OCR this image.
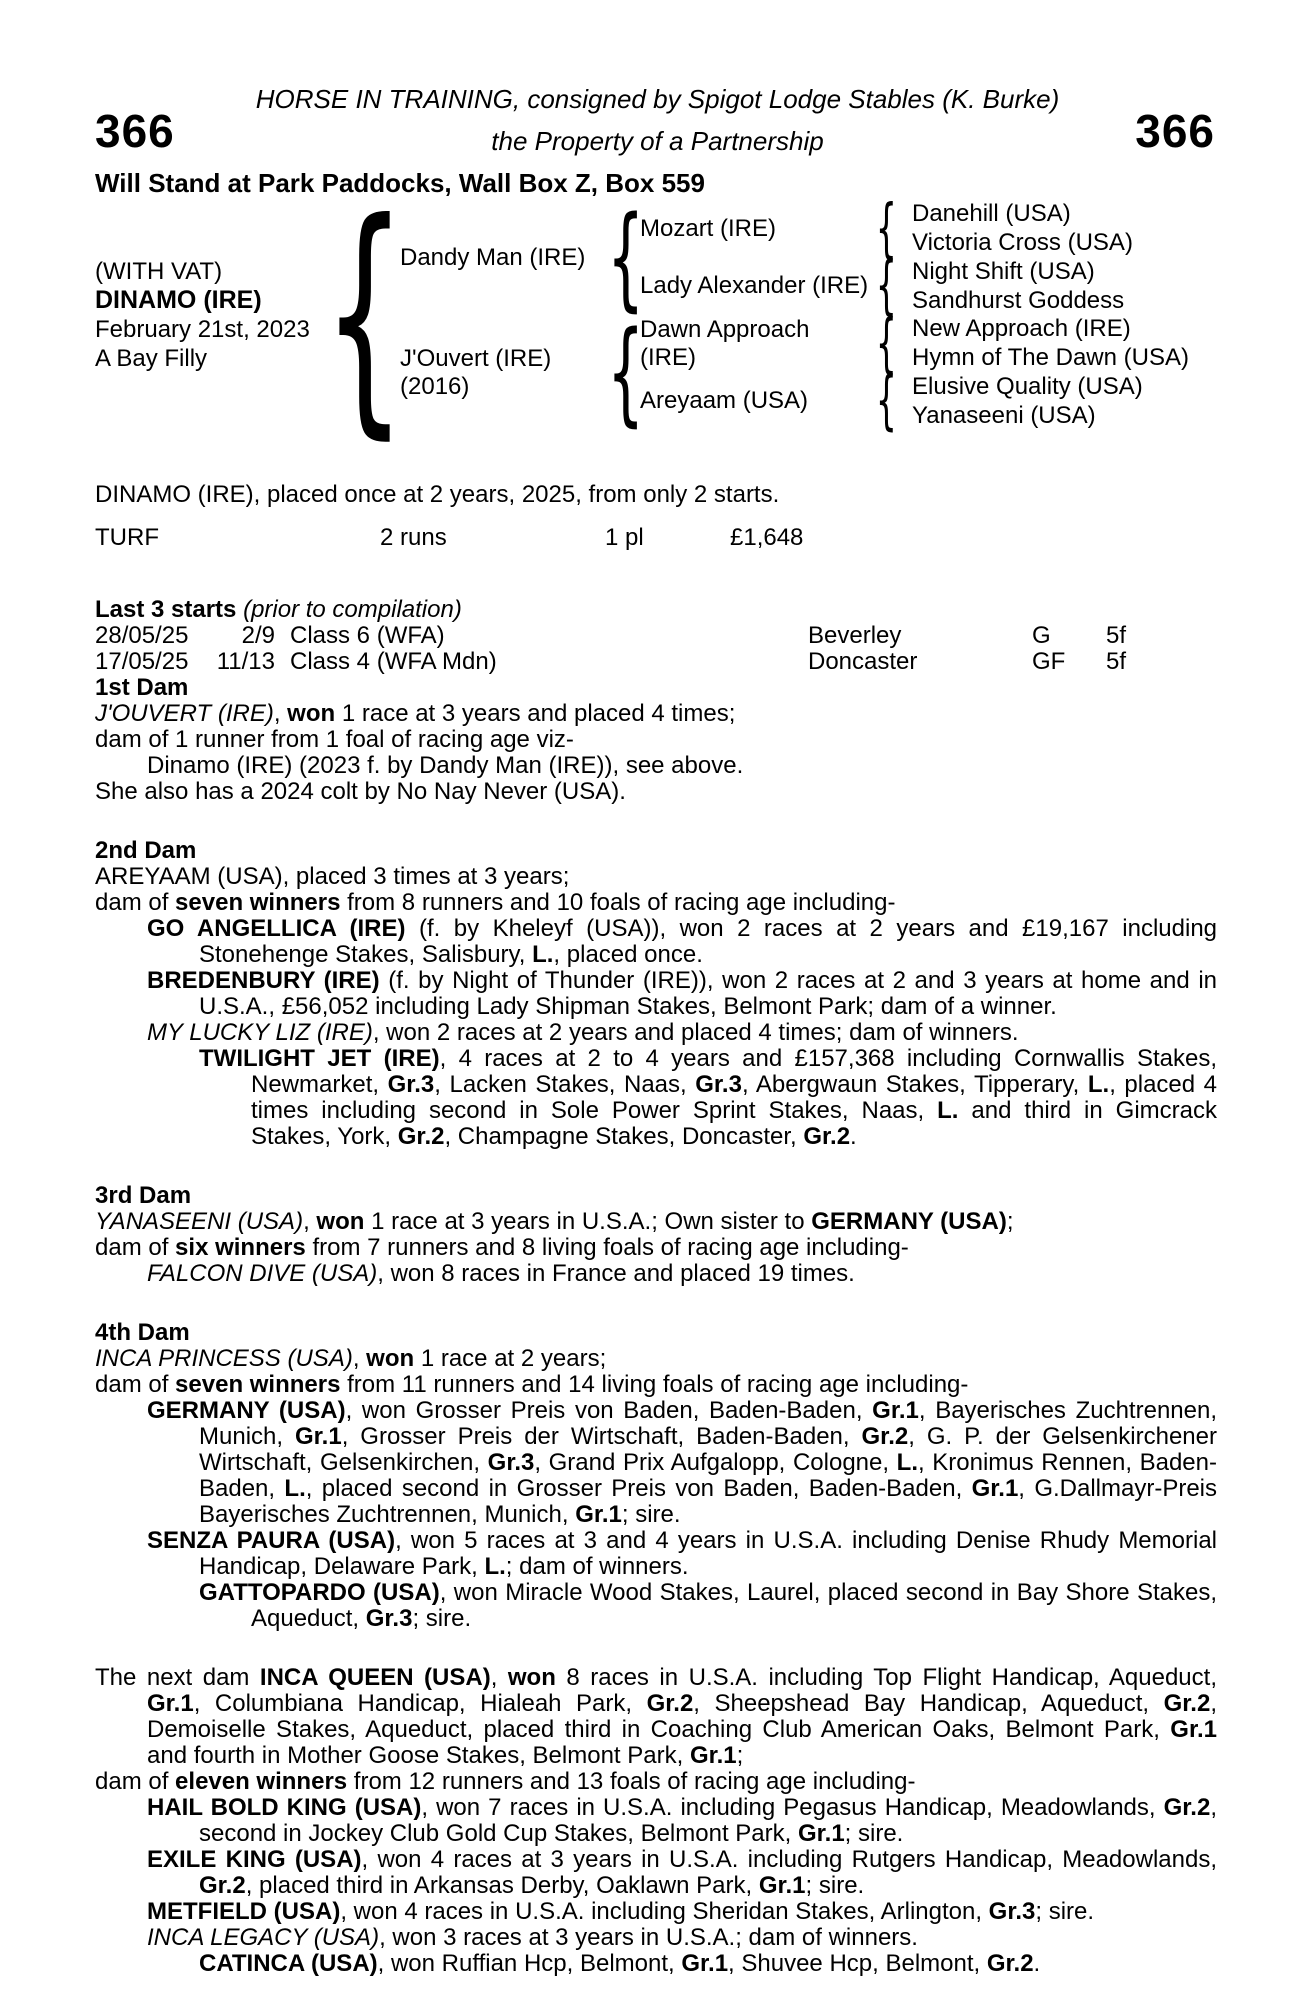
HORSE IN TRAINING, consigned by Spigot Lodge Stables (K. Burke)
366	366
the Property of a Partnership
Will Stand at Park Paddocks, Wall Box Z, Box 559
(WITH VAT)
DINAMO (IRE)
February 21st, 2023
A Bay Filly {
Dandy Man (IRE)
J'Ouvert (IRE)
(2016)
{
{
Mozart (IRE)
Lady Alexander (IRE)
Dawn Approach (IRE)
Areyaam (USA)
{
{
{
{
Danehill (USA)
Victoria Cross (USA)
Night Shift (USA)
Sandhurst Goddess
New Approach (IRE)
Hymn of The Dawn (USA)
Elusive Quality (USA)
Yanaseeni (USA)

DINAMO (IRE), placed once at 2 years, 2025, from only 2 starts.

TURF	2 runs	1 pl	£1,648
Last 3 starts (prior to compilation)
28/05/25 2/9 Class 6 (WFA)	Beverley	G	5f
17/05/25 11/13 Class 4 (WFA Mdn)	Doncaster	GF	5f
1st Dam

J'OUVERT (IRE), won 1 race at 3 years and placed 4 times;

dam of 1 runner from 1 foal of racing age viz-

Dinamo (IRE) (2023 f. by Dandy Man (IRE)), see above.

She also has a 2024 colt by No Nay Never (USA).

2nd Dam

AREYAAM (USA), placed 3 times at 3 years;

dam of seven winners from 8 runners and 10 foals of racing age including-

GO ANGELLICA (IRE) (f. by Kheleyf (USA)), won 2 races at 2 years and £19,167 including Stonehenge Stakes, Salisbury, L., placed once.

BREDENBURY (IRE) (f. by Night of Thunder (IRE)), won 2 races at 2 and 3 years at home and in U.S.A., £56,052 including Lady Shipman Stakes, Belmont Park; dam of a winner.

MY LUCKY LIZ (IRE), won 2 races at 2 years and placed 4 times; dam of winners.

TWILIGHT JET (IRE), 4 races at 2 to 4 years and £157,368 including Cornwallis Stakes, Newmarket, Gr.3, Lacken Stakes, Naas, Gr.3, Abergwaun Stakes, Tipperary, L., placed 4 times including second in Sole Power Sprint Stakes, Naas, L. and third in Gimcrack Stakes, York, Gr.2, Champagne Stakes, Doncaster, Gr.2.

3rd Dam

YANASEENI (USA), won 1 race at 3 years in U.S.A.; Own sister to GERMANY (USA);

dam of six winners from 7 runners and 8 living foals of racing age including-

FALCON DIVE (USA), won 8 races in France and placed 19 times.

4th Dam

INCA PRINCESS (USA), won 1 race at 2 years;

dam of seven winners from 11 runners and 14 living foals of racing age including-

GERMANY (USA), won Grosser Preis von Baden, Baden-Baden, Gr.1, Bayerisches Zuchtrennen, Munich, Gr.1, Grosser Preis der Wirtschaft, Baden-Baden, Gr.2, G. P. der Gelsenkirchener Wirtschaft, Gelsenkirchen, Gr.3, Grand Prix Aufgalopp, Cologne, L., Kronimus Rennen, Baden-Baden, L., placed second in Grosser Preis von Baden, Baden-Baden, Gr.1, G.Dallmayr-Preis Bayerisches Zuchtrennen, Munich, Gr.1; sire.

SENZA PAURA (USA), won 5 races at 3 and 4 years in U.S.A. including Denise Rhudy Memorial Handicap, Delaware Park, L.; dam of winners.

GATTOPARDO (USA), won Miracle Wood Stakes, Laurel, placed second in Bay Shore Stakes, Aqueduct, Gr.3; sire.

The next dam INCA QUEEN (USA), won 8 races in U.S.A. including Top Flight Handicap, Aqueduct, Gr.1, Columbiana Handicap, Hialeah Park, Gr.2, Sheepshead Bay Handicap, Aqueduct, Gr.2, Demoiselle Stakes, Aqueduct, placed third in Coaching Club American Oaks, Belmont Park, Gr.1 and fourth in Mother Goose Stakes, Belmont Park, Gr.1;

dam of eleven winners from 12 runners and 13 foals of racing age including-

HAIL BOLD KING (USA), won 7 races in U.S.A. including Pegasus Handicap, Meadowlands, Gr.2, second in Jockey Club Gold Cup Stakes, Belmont Park, Gr.1; sire.

EXILE KING (USA), won 4 races at 3 years in U.S.A. including Rutgers Handicap, Meadowlands, Gr.2, placed third in Arkansas Derby, Oaklawn Park, Gr.1; sire.

METFIELD (USA), won 4 races in U.S.A. including Sheridan Stakes, Arlington, Gr.3; sire.

INCA LEGACY (USA), won 3 races at 3 years in U.S.A.; dam of winners.

CATINCA (USA), won Ruffian Hcp, Belmont, Gr.1, Shuvee Hcp, Belmont, Gr.2.
